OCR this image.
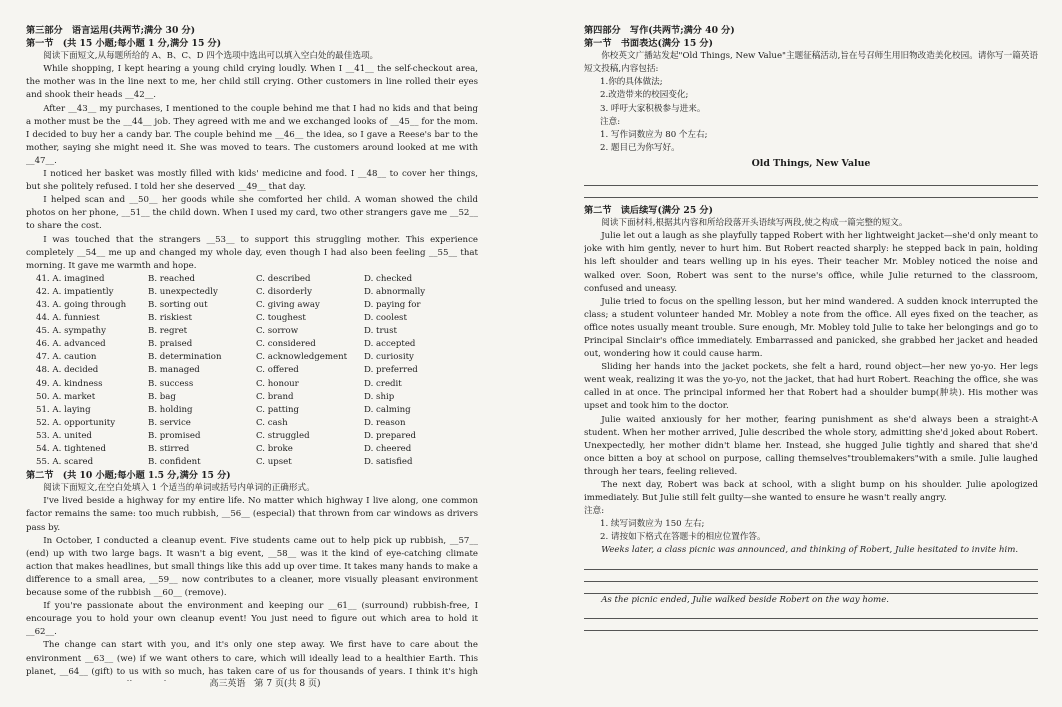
第三部分　语言运用(共两节;满分 30 分)
第一节　(共 15 小题;每小题 1 分,满分 15 分)

阅读下面短文,从每题所给的 A、B、C、D 四个选项中选出可以填入空白处的最佳选项。

While shopping, I kept hearing a young child crying loudly. When I __41__ the self-checkout area, the mother was in the line next to me, her child still crying. Other customers in line rolled their eyes and shook their heads __42__.

After __43__ my purchases, I mentioned to the couple behind me that I had no kids and that being a mother must be the __44__ job. They agreed with me and we exchanged looks of __45__ for the mom. I decided to buy her a candy bar. The couple behind me __46__ the idea, so I gave a Reese's bar to the mother, saying she might need it. She was moved to tears. The customers around looked at me with __47__.

I noticed her basket was mostly filled with kids' medicine and food. I __48__ to cover her things, but she politely refused. I told her she deserved __49__ that day.

I helped scan and __50__ her goods while she comforted her child. A woman showed the child photos on her phone, __51__ the child down. When I used my card, two other strangers gave me __52__ to share the cost.

I was touched that the strangers __53__ to support this struggling mother. This experience completely __54__ me up and changed my whole day, even though I had also been feeling __55__ that morning. It gave me warmth and hope.

41. A. imagined	B. reached	C. described	D. checked
42. A. impatiently	B. unexpectedly	C. disorderly	D. abnormally
43. A. going through	B. sorting out	C. giving away	D. paying for
44. A. funniest	B. riskiest	C. toughest	D. coolest
45. A. sympathy	B. regret	C. sorrow	D. trust
46. A. advanced	B. praised	C. considered	D. accepted
47. A. caution	B. determination	C. acknowledgement	D. curiosity
48. A. decided	B. managed	C. offered	D. preferred
49. A. kindness	B. success	C. honour	D. credit
50. A. market	B. bag	C. brand	D. ship
51. A. laying	B. holding	C. patting	D. calming
52. A. opportunity	B. service	C. cash	D. reason
53. A. united	B. promised	C. struggled	D. prepared
54. A. tightened	B. stirred	C. broke	D. cheered
55. A. scared	B. confident	C. upset	D. satisfied
第二节　(共 10 小题;每小题 1.5 分,满分 15 分)

阅读下面短文,在空白处填入 1 个适当的单词或括号内单词的正确形式。

I've lived beside a highway for my entire life. No matter which highway I live along, one common factor remains the same: too much rubbish, __56__ (especial) that thrown from car windows as drivers pass by.

In October, I conducted a cleanup event. Five students came out to help pick up rubbish, __57__ (end) up with two large bags. It wasn't a big event, __58__ was it the kind of eye-catching climate action that makes headlines, but small things like this add up over time. It takes many hands to make a difference to a small area, __59__ now contributes to a cleaner, more visually pleasant environment because some of the rubbish __60__ (remove).

If you're passionate about the environment and keeping our __61__ (surround) rubbish-free, I encourage you to hold your own cleanup event! You just need to figure out which area to hold it __62__.

The change can start with you, and it's only one step away. We first have to care about the environment __63__ (we) if we want others to care, which will ideally lead to a healthier Earth. This planet, __64__ (gift) to us with so much, has taken care of us for thousands of years. I think it's high

高三英语　第 7 页(共 8 页)
第四部分　写作(共两节;满分 40 分)
第一节　书面表达(满分 15 分)

你校英文广播站发起"Old Things, New Value"主题征稿活动,旨在号召师生用旧物改造美化校园。请你写一篇英语短文投稿,内容包括:

1.你的具体做法;
2.改造带来的校园变化;
3. 呼吁大家积极参与进来。
注意:
1. 写作词数应为 80 个左右;
2. 题目已为你写好。
Old Things, New Value
第二节　读后续写(满分 25 分)

阅读下面材料,根据其内容和所给段落开头语续写两段,使之构成一篇完整的短文。

Julie let out a laugh as she playfully tapped Robert with her lightweight jacket—she'd only meant to joke with him gently, never to hurt him. But Robert reacted sharply: he stepped back in pain, holding his left shoulder and tears welling up in his eyes. Their teacher Mr. Mobley noticed the noise and walked over. Soon, Robert was sent to the nurse's office, while Julie returned to the classroom, confused and uneasy.

Julie tried to focus on the spelling lesson, but her mind wandered. A sudden knock interrupted the class; a student volunteer handed Mr. Mobley a note from the office. All eyes fixed on the teacher, as office notes usually meant trouble. Sure enough, Mr. Mobley told Julie to take her belongings and go to Principal Sinclair's office immediately. Embarrassed and panicked, she grabbed her jacket and headed out, wondering how it could cause harm.

Sliding her hands into the jacket pockets, she felt a hard, round object—her new yo-yo. Her legs went weak, realizing it was the yo-yo, not the jacket, that had hurt Robert. Reaching the office, she was called in at once. The principal informed her that Robert had a shoulder bump(肿块). His mother was upset and took him to the doctor.

Julie waited anxiously for her mother, fearing punishment as she'd always been a straight-A student. When her mother arrived, Julie described the whole story, admitting she'd joked about Robert. Unexpectedly, her mother didn't blame her. Instead, she hugged Julie tightly and shared that she'd once bitten a boy at school on purpose, calling themselves"troublemakers"with a smile. Julie laughed through her tears, feeling relieved.

The next day, Robert was back at school, with a slight bump on his shoulder. Julie apologized immediately. But Julie still felt guilty—she wanted to ensure he wasn't really angry.

注意:
1. 续写词数应为 150 左右;
2. 请按如下格式在答题卡的相应位置作答。

Weeks later, a class picnic was announced, and thinking of Robert, Julie hesitated to invite him.

As the picnic ended, Julie walked beside Robert on the way home.
